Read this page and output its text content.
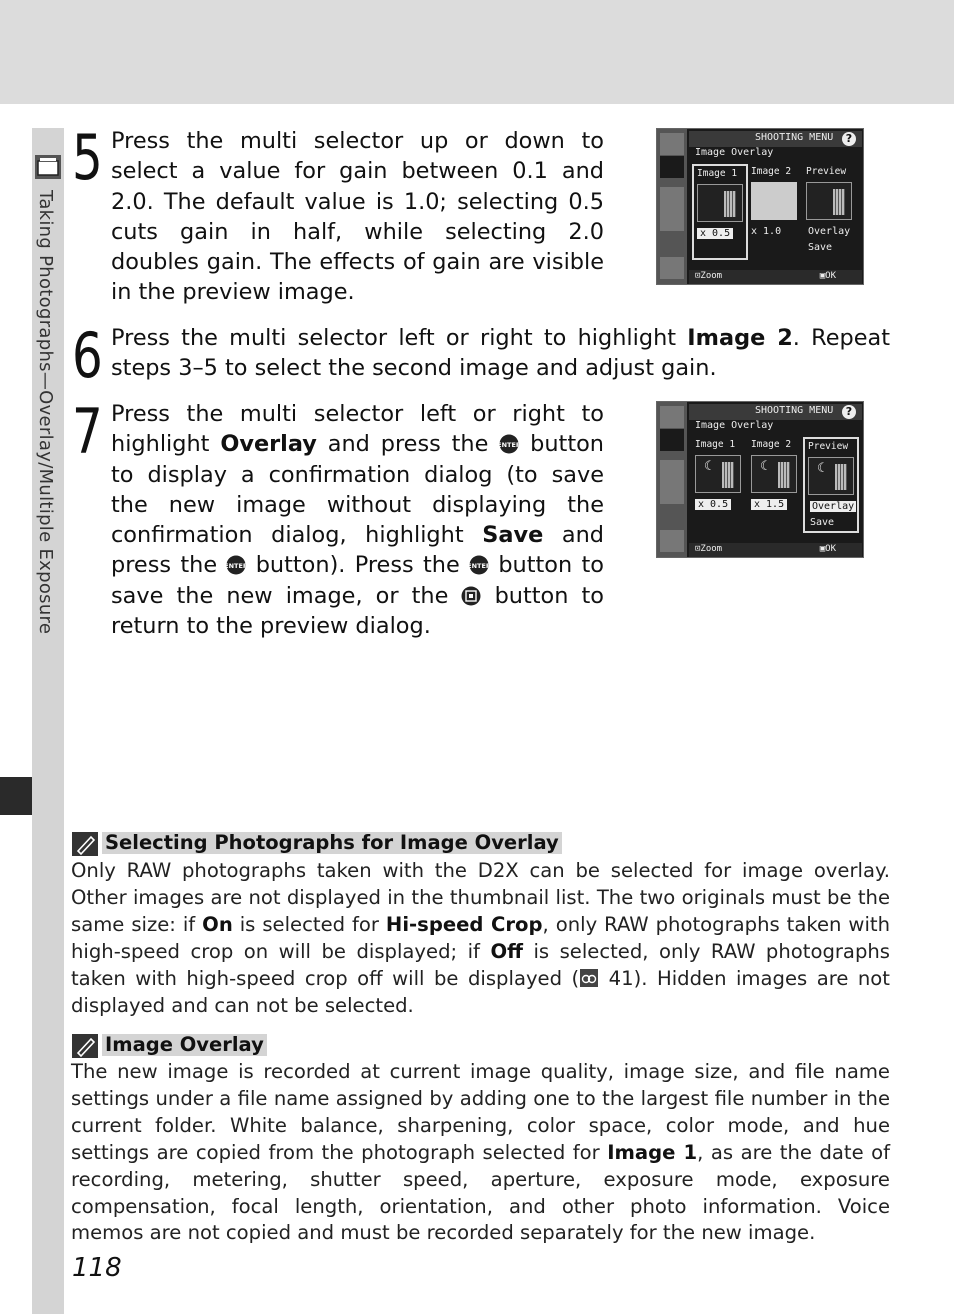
Taking Photographs—Overlay/Multiple Exposure
5 Press the multi selector up or down to select a value for gain between 0.1 and 2.0. The default value is 1.0; selecting 0.5 cuts gain in half, while selecting 2.0 doubles gain. The effects of gain are visible in the preview image.
6 Press the multi selector left or right to highlight Image 2. Repeat steps 3–5 to select the second image and adjust gain.
7 Press the multi selector left or right to highlight Overlay and press the
ENTER
button to display a confirmation dialog (to save the new image without displaying the confirmation dialog, highlight Save and press the
ENTER
button). Press the
ENTER
button to save the new image, or the  button to return to the preview dialog.
SHOOTING MENU	?
Image Overlay
Image 1
x 0.5
Image 2
x 1.0
Preview
Overlay
Save
⊡Zoom	▣OK
SHOOTING MENU	?
Image Overlay
Image 1
☾
x 0.5
Image 2
☾
x 1.5
Preview
☾
Overlay
Save
⊡Zoom	▣OK
Selecting Photographs for Image Overlay
Only RAW photographs taken with the D2X can be selected for image overlay. Other images are not displayed in the thumbnail list. The two originals must be the same size: if On is selected for Hi-speed Crop, only RAW photographs taken with high-speed crop on will be displayed; if Off is selected, only RAW photographs taken with high-speed crop off will be displayed ( 41). Hidden images are not displayed and can not be selected.
Image Overlay
The new image is recorded at current image quality, image size, and file name settings under a file name assigned by adding one to the largest file number in the current folder. White balance, sharpening, color space, color mode, and hue settings are copied from the photograph selected for Image 1, as are the date of recording, metering, shutter speed, aperture, exposure mode, exposure compensation, focal length, orientation, and other photo information. Voice memos are not copied and must be recorded separately for the new image.
118
